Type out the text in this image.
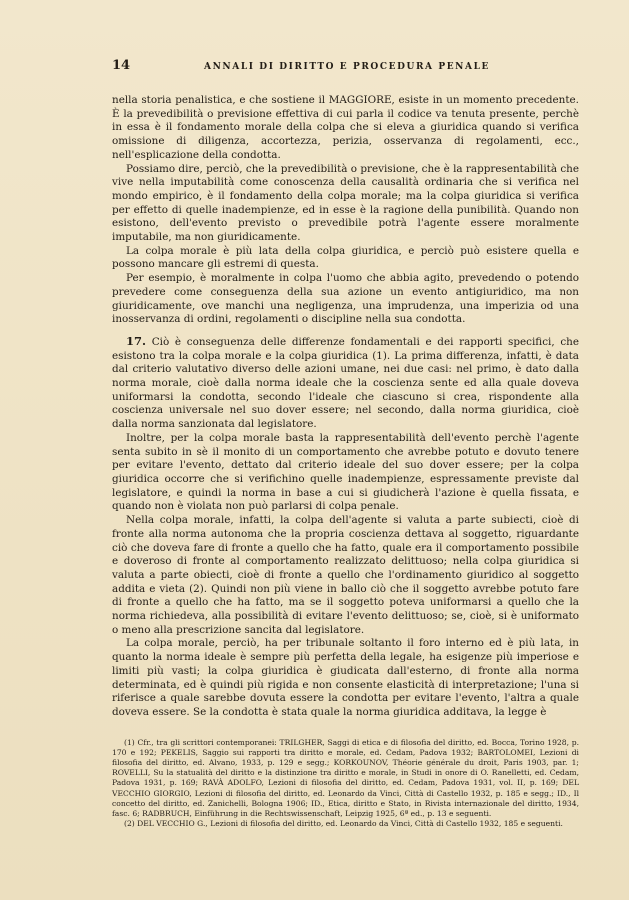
14	ANNALI DI DIRITTO E PROCEDURA PENALE

nella storia penalistica, e che sostiene il MAGGIORE, esiste in un momento precedente. È la prevedibilità o previsione effettiva di cui parla il codice va tenuta presente, perchè in essa è il fondamento morale della colpa che si eleva a giuridica quando si verifica omissione di diligenza, accortezza, perizia, osservanza di regolamenti, ecc., nell'esplicazione della condotta.

Possiamo dire, perciò, che la prevedibilità o previsione, che è la rappresentabilità che vive nella imputabilità come conoscenza della causalità ordinaria che si verifica nel mondo empirico, è il fondamento della colpa morale; ma la colpa giuridica si verifica per effetto di quelle inadempienze, ed in esse è la ragione della punibilità. Quando non esistono, dell'evento previsto o prevedibile potrà l'agente essere moralmente imputabile, ma non giuridicamente.

La colpa morale è più lata della colpa giuridica, e perciò può esistere quella e possono mancare gli estremi di questa.

Per esempio, è moralmente in colpa l'uomo che abbia agito, prevedendo o potendo prevedere come conseguenza della sua azione un evento antigiuridico, ma non giuridicamente, ove manchi una negligenza, una imprudenza, una imperizia od una inosservanza di ordini, regolamenti o discipline nella sua condotta.

17. Ciò è conseguenza delle differenze fondamentali e dei rapporti specifici, che esistono tra la colpa morale e la colpa giuridica (1). La prima differenza, infatti, è data dal criterio valutativo diverso delle azioni umane, nei due casi: nel primo, è dato dalla norma morale, cioè dalla norma ideale che la coscienza sente ed alla quale doveva uniformarsi la condotta, secondo l'ideale che ciascuno si crea, rispondente alla coscienza universale nel suo dover essere; nel secondo, dalla norma giuridica, cioè dalla norma sanzionata dal legislatore.

Inoltre, per la colpa morale basta la rappresentabilità dell'evento perchè l'agente senta subito in sè il monito di un comportamento che avrebbe potuto e dovuto tenere per evitare l'evento, dettato dal criterio ideale del suo dover essere; per la colpa giuridica occorre che si verifichino quelle inadempienze, espressamente previste dal legislatore, e quindi la norma in base a cui si giudicherà l'azione è quella fissata, e quando non è violata non può parlarsi di colpa penale.

Nella colpa morale, infatti, la colpa dell'agente si valuta a parte subiecti, cioè di fronte alla norma autonoma che la propria coscienza dettava al soggetto, riguardante ciò che doveva fare di fronte a quello che ha fatto, quale era il comportamento possibile e doveroso di fronte al comportamento realizzato delittuoso; nella colpa giuridica si valuta a parte obiecti, cioè di fronte a quello che l'ordinamento giuridico al soggetto addita e vieta (2). Quindi non più viene in ballo ciò che il soggetto avrebbe potuto fare di fronte a quello che ha fatto, ma se il soggetto poteva uniformarsi a quello che la norma richiedeva, alla possibilità di evitare l'evento delittuoso; se, cioè, si è uniformato o meno alla prescrizione sancita dal legislatore.

La colpa morale, perciò, ha per tribunale soltanto il foro interno ed è più lata, in quanto la norma ideale è sempre più perfetta della legale, ha esigenze più imperiose e limiti più vasti; la colpa giuridica è giudicata dall'esterno, di fronte alla norma determinata, ed è quindi più rigida e non consente elasticità di interpretazione; l'una si riferisce a quale sarebbe dovuta essere la condotta per evitare l'evento, l'altra a quale doveva essere. Se la condotta è stata quale la norma giuridica additava, la legge è

(1) Cfr., tra gli scrittori contemporanei: TRILGHER, Saggi di etica e di filosofia del diritto, ed. Bocca, Torino 1928, p. 170 e 192; PEKELIS, Saggio sui rapporti tra diritto e morale, ed. Cedam, Padova 1932; BARTOLOMEI, Lezioni di filosofia del diritto, ed. Alvano, 1933, p. 129 e segg.; KORKOUNOV, Théorie générale du droit, Paris 1903, par. 1; ROVELLI, Su la statualità del diritto e la distinzione tra diritto e morale, in Studi in onore di O. Ranelletti, ed. Cedam, Padova 1931, p. 169; RAVÀ ADOLFO, Lezioni di filosofia del diritto, ed. Cedam, Padova 1931, vol. II, p. 169; DEL VECCHIO GIORGIO, Lezioni di filosofia del diritto, ed. Leonardo da Vinci, Città di Castello 1932, p. 185 e segg.; ID., Il concetto del diritto, ed. Zanichelli, Bologna 1906; ID., Etica, diritto e Stato, in Rivista internazionale del diritto, 1934, fasc. 6; RADBRUCH, Einführung in die Rechtswissenschaft, Leipzig 1925, 6ª ed., p. 13 e seguenti.

(2) DEL VECCHIO G., Lezioni di filosofia del diritto, ed. Leonardo da Vinci, Città di Castello 1932, 185 e seguenti.
